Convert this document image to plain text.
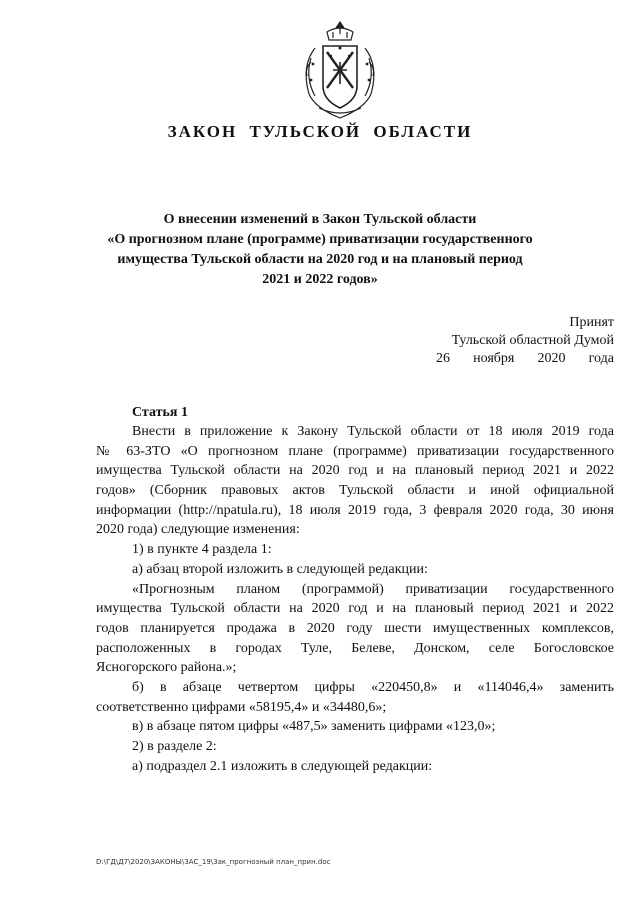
ЗАКОН ТУЛЬСКОЙ ОБЛАСТИ
О внесении изменений в Закон Тульской области
«О прогнозном плане (программе) приватизации государственного
имущества Тульской области на 2020 год и на плановый период
2021 и 2022 годов»
Принят
Тульской областной Думой
26 ноября 2020 года
Статья 1
Внести в приложение к Закону Тульской области от 18 июля 2019 года
№ 63-ЗТО «О прогнозном плане (программе) приватизации государственного
имущества Тульской области на 2020 год и на плановый период 2021 и 2022
годов» (Сборник правовых актов Тульской области и иной официальной
информации (http://npatula.ru), 18 июля 2019 года, 3 февраля 2020 года, 30 июня
2020 года) следующие изменения:
1) в пункте 4 раздела 1:
а) абзац второй изложить в следующей редакции:
«Прогнозным планом (программой) приватизации государственного
имущества Тульской области на 2020 год и на плановый период 2021 и 2022
годов планируется продажа в 2020 году шести имущественных комплексов,
расположенных в городах Туле, Белеве, Донском, селе Богословское
Ясногорского района.»;
б) в абзаце четвертом цифры «220450,8» и «114046,4» заменить
соответственно цифрами «58195,4» и «34480,6»;
в) в абзаце пятом цифры «487,5» заменить цифрами «123,0»;
2) в разделе 2:
а) подраздел 2.1 изложить в следующей редакции:
D:\ГД\Д7\2020\ЗАКОНЫ\ЗАС_19\Зак_прогнозный план_прин.doc
